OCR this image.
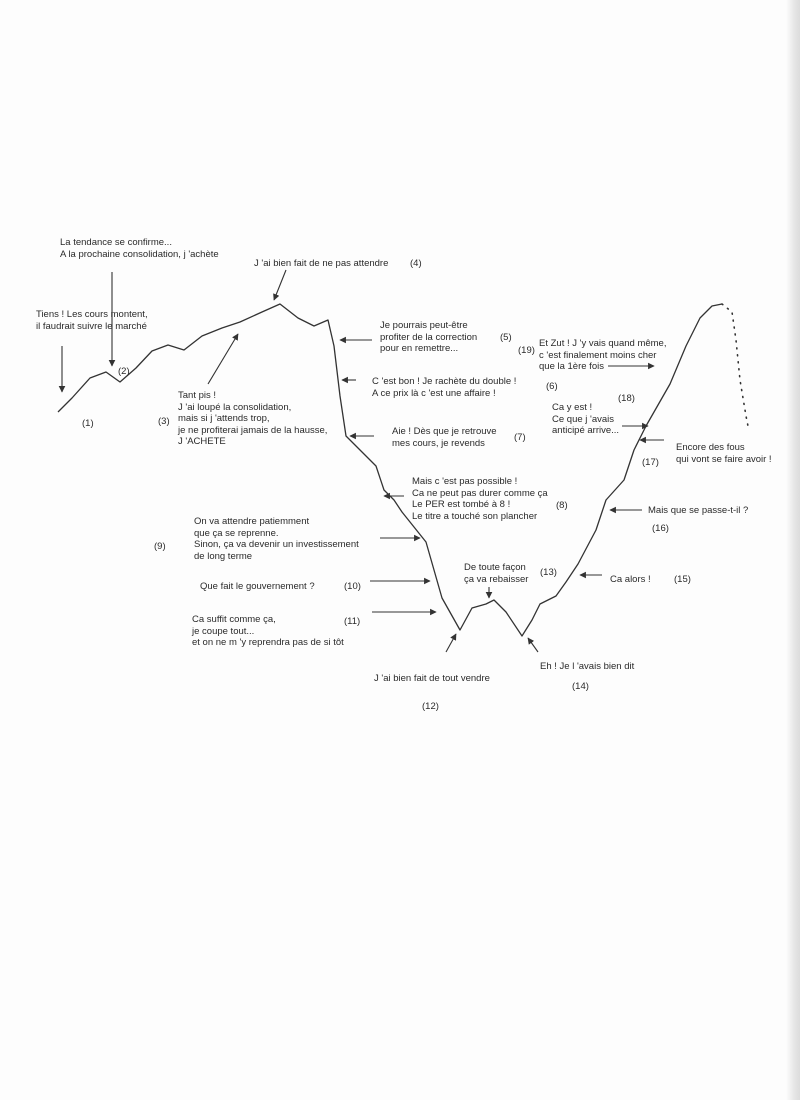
Tiens ! Les cours montent,
il faudrait suivre le marché
(1)
La tendance se confirme...
A la prochaine consolidation, j 'achète
(2)
Tant pis !
J 'ai loupé la consolidation,
mais si j 'attends trop,
je ne profiterai jamais de la hausse,
J 'ACHETE
(3)
J 'ai bien fait de ne pas attendre (4)
Je pourrais peut-être
profiter de la correction
pour en remettre...
(5)
C 'est bon ! Je rachète du double !
A ce prix là c 'est une affaire !
(6)
Aie ! Dès que je retrouve
mes cours, je revends	(7)
Mais c 'est pas possible !
Ca ne peut pas durer comme ça
Le PER est tombé à 8 !
Le titre a touché son plancher
(8)
On va attendre patiemment
que ça se reprenne.
Sinon, ça va devenir un investissement
de long terme
(9)
Que fait le gouvernement ?	(10)
Ca suffit comme ça,
je coupe tout...
et on ne m 'y reprendra pas de si tôt
(11)
J 'ai bien fait de tout vendre
(12)
De toute façon
ça va rebaisser
(13)
Eh ! Je l 'avais bien dit
(14)
Ca alors ! (15)
Mais que se passe-t-il ?
(16)
Encore des fous
qui vont se faire avoir !
(17)
Ca y est !
Ce que j 'avais
anticipé arrive...
(18)
Et Zut ! J 'y vais quand même,
c 'est finalement moins cher
que la 1ère fois
(19)
